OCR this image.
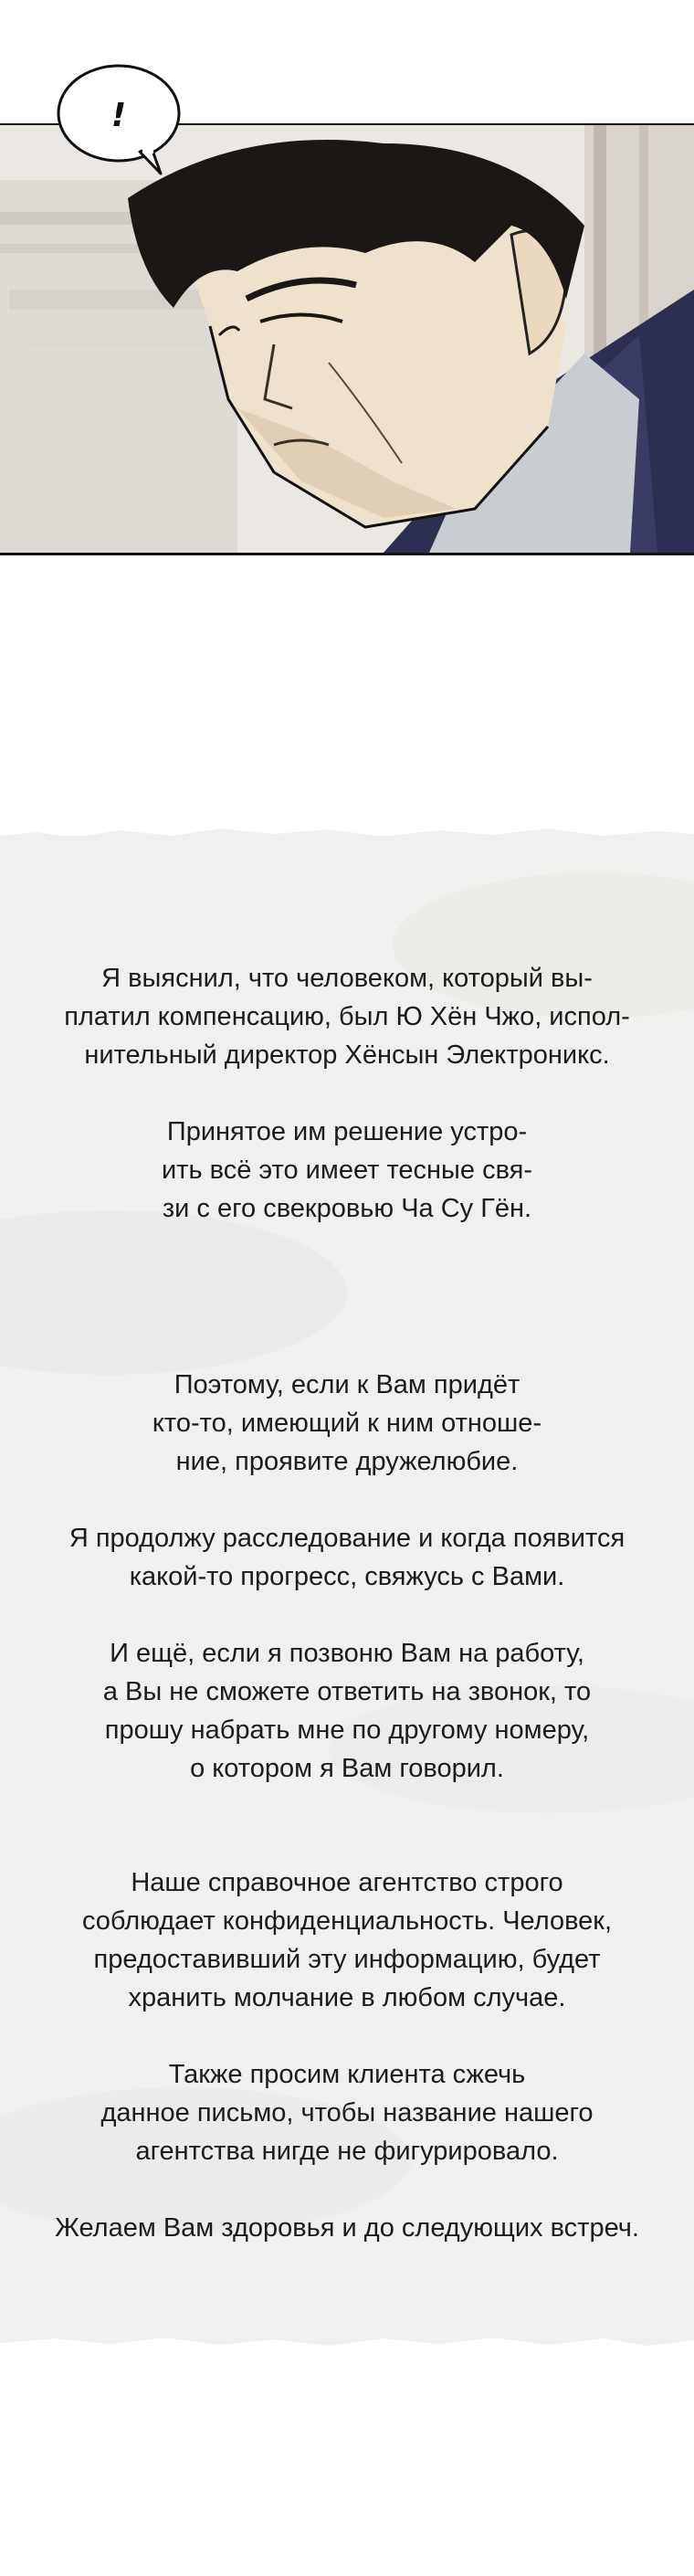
!

Я выяснил, что человеком, который вы-
платил компенсацию, был Ю Хён Чжо, испол-
нительный директор Хёнсын Электроникс.

Принятое им решение устро-
ить всё это имеет тесные свя-
зи с его свекровью Ча Су Гён.

Поэтому, если к Вам придёт
кто-то, имеющий к ним отноше-
ние, проявите дружелюбие.

Я продолжу расследование и когда появится
какой-то прогресс, свяжусь с Вами.

И ещё, если я позвоню Вам на работу,
а Вы не сможете ответить на звонок, то
прошу набрать мне по другому номеру,
о котором я Вам говорил.

Наше справочное агентство строго
соблюдает конфиденциальность. Человек,
предоставивший эту информацию, будет
хранить молчание в любом случае.

Также просим клиента сжечь
данное письмо, чтобы название нашего
агентства нигде не фигурировало.

Желаем Вам здоровья и до следующих встреч.
